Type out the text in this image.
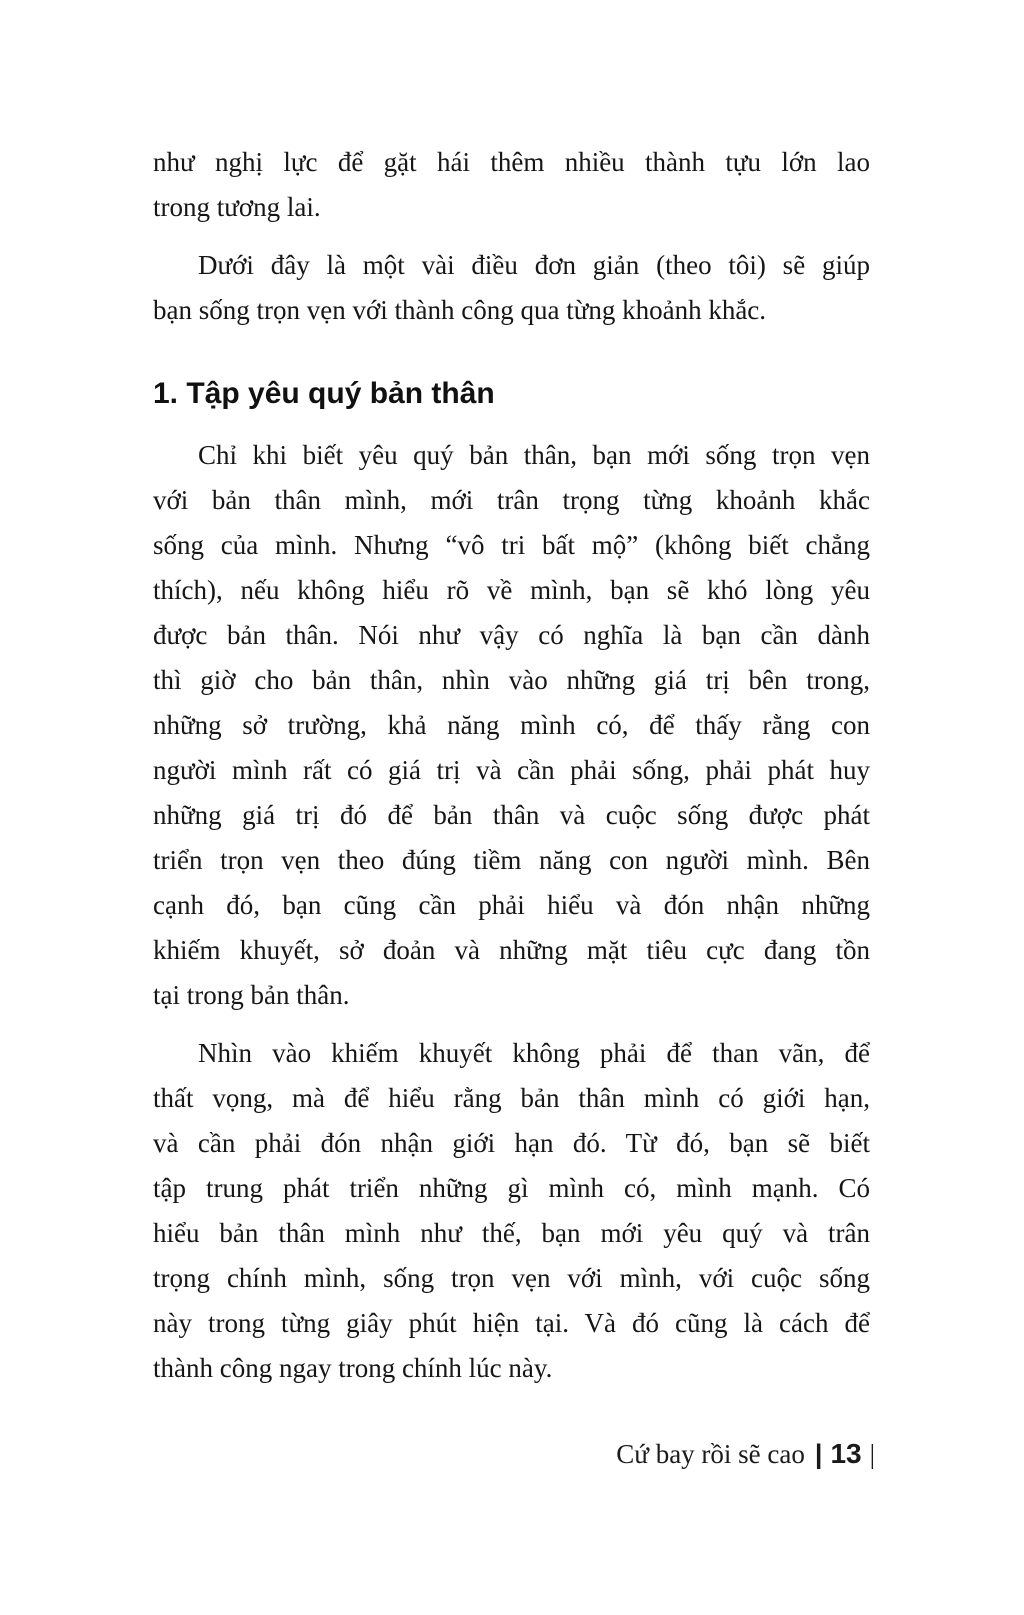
như nghị lực để gặt hái thêm nhiều thành tựu lớn lao
trong tương lai.

Dưới đây là một vài điều đơn giản (theo tôi) sẽ giúp
bạn sống trọn vẹn với thành công qua từng khoảnh khắc.

1. Tập yêu quý bản thân

Chỉ khi biết yêu quý bản thân, bạn mới sống trọn vẹn
với bản thân mình, mới trân trọng từng khoảnh khắc
sống của mình. Nhưng “vô tri bất mộ” (không biết chẳng
thích), nếu không hiểu rõ về mình, bạn sẽ khó lòng yêu
được bản thân. Nói như vậy có nghĩa là bạn cần dành
thì giờ cho bản thân, nhìn vào những giá trị bên trong,
những sở trường, khả năng mình có, để thấy rằng con
người mình rất có giá trị và cần phải sống, phải phát huy
những giá trị đó để bản thân và cuộc sống được phát
triển trọn vẹn theo đúng tiềm năng con người mình. Bên
cạnh đó, bạn cũng cần phải hiểu và đón nhận những
khiếm khuyết, sở đoản và những mặt tiêu cực đang tồn
tại trong bản thân.

Nhìn vào khiếm khuyết không phải để than vãn, để
thất vọng, mà để hiểu rằng bản thân mình có giới hạn,
và cần phải đón nhận giới hạn đó. Từ đó, bạn sẽ biết
tập trung phát triển những gì mình có, mình mạnh. Có
hiểu bản thân mình như thế, bạn mới yêu quý và trân
trọng chính mình, sống trọn vẹn với mình, với cuộc sống
này trong từng giây phút hiện tại. Và đó cũng là cách để
thành công ngay trong chính lúc này.

Cứ bay rồi sẽ cao | 13 |
